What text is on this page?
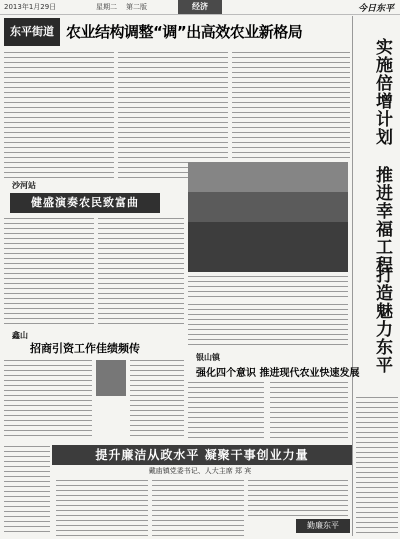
2013年1月29日	星期二 第二版	经济	今日东平
东平街道 农业结构调整“调”出高效农业新格局
实施倍增计划
推进幸福工程
打造魅力东平
沙河站
健盛演奏农民致富曲
鑫山
招商引资工作佳绩频传
银山镇
强化四个意识 推进现代农业快速发展
提升廉洁从政水平 凝聚干事创业力量
戴庙镇党委书记、人大主席 郑 宾
勤廉东平
